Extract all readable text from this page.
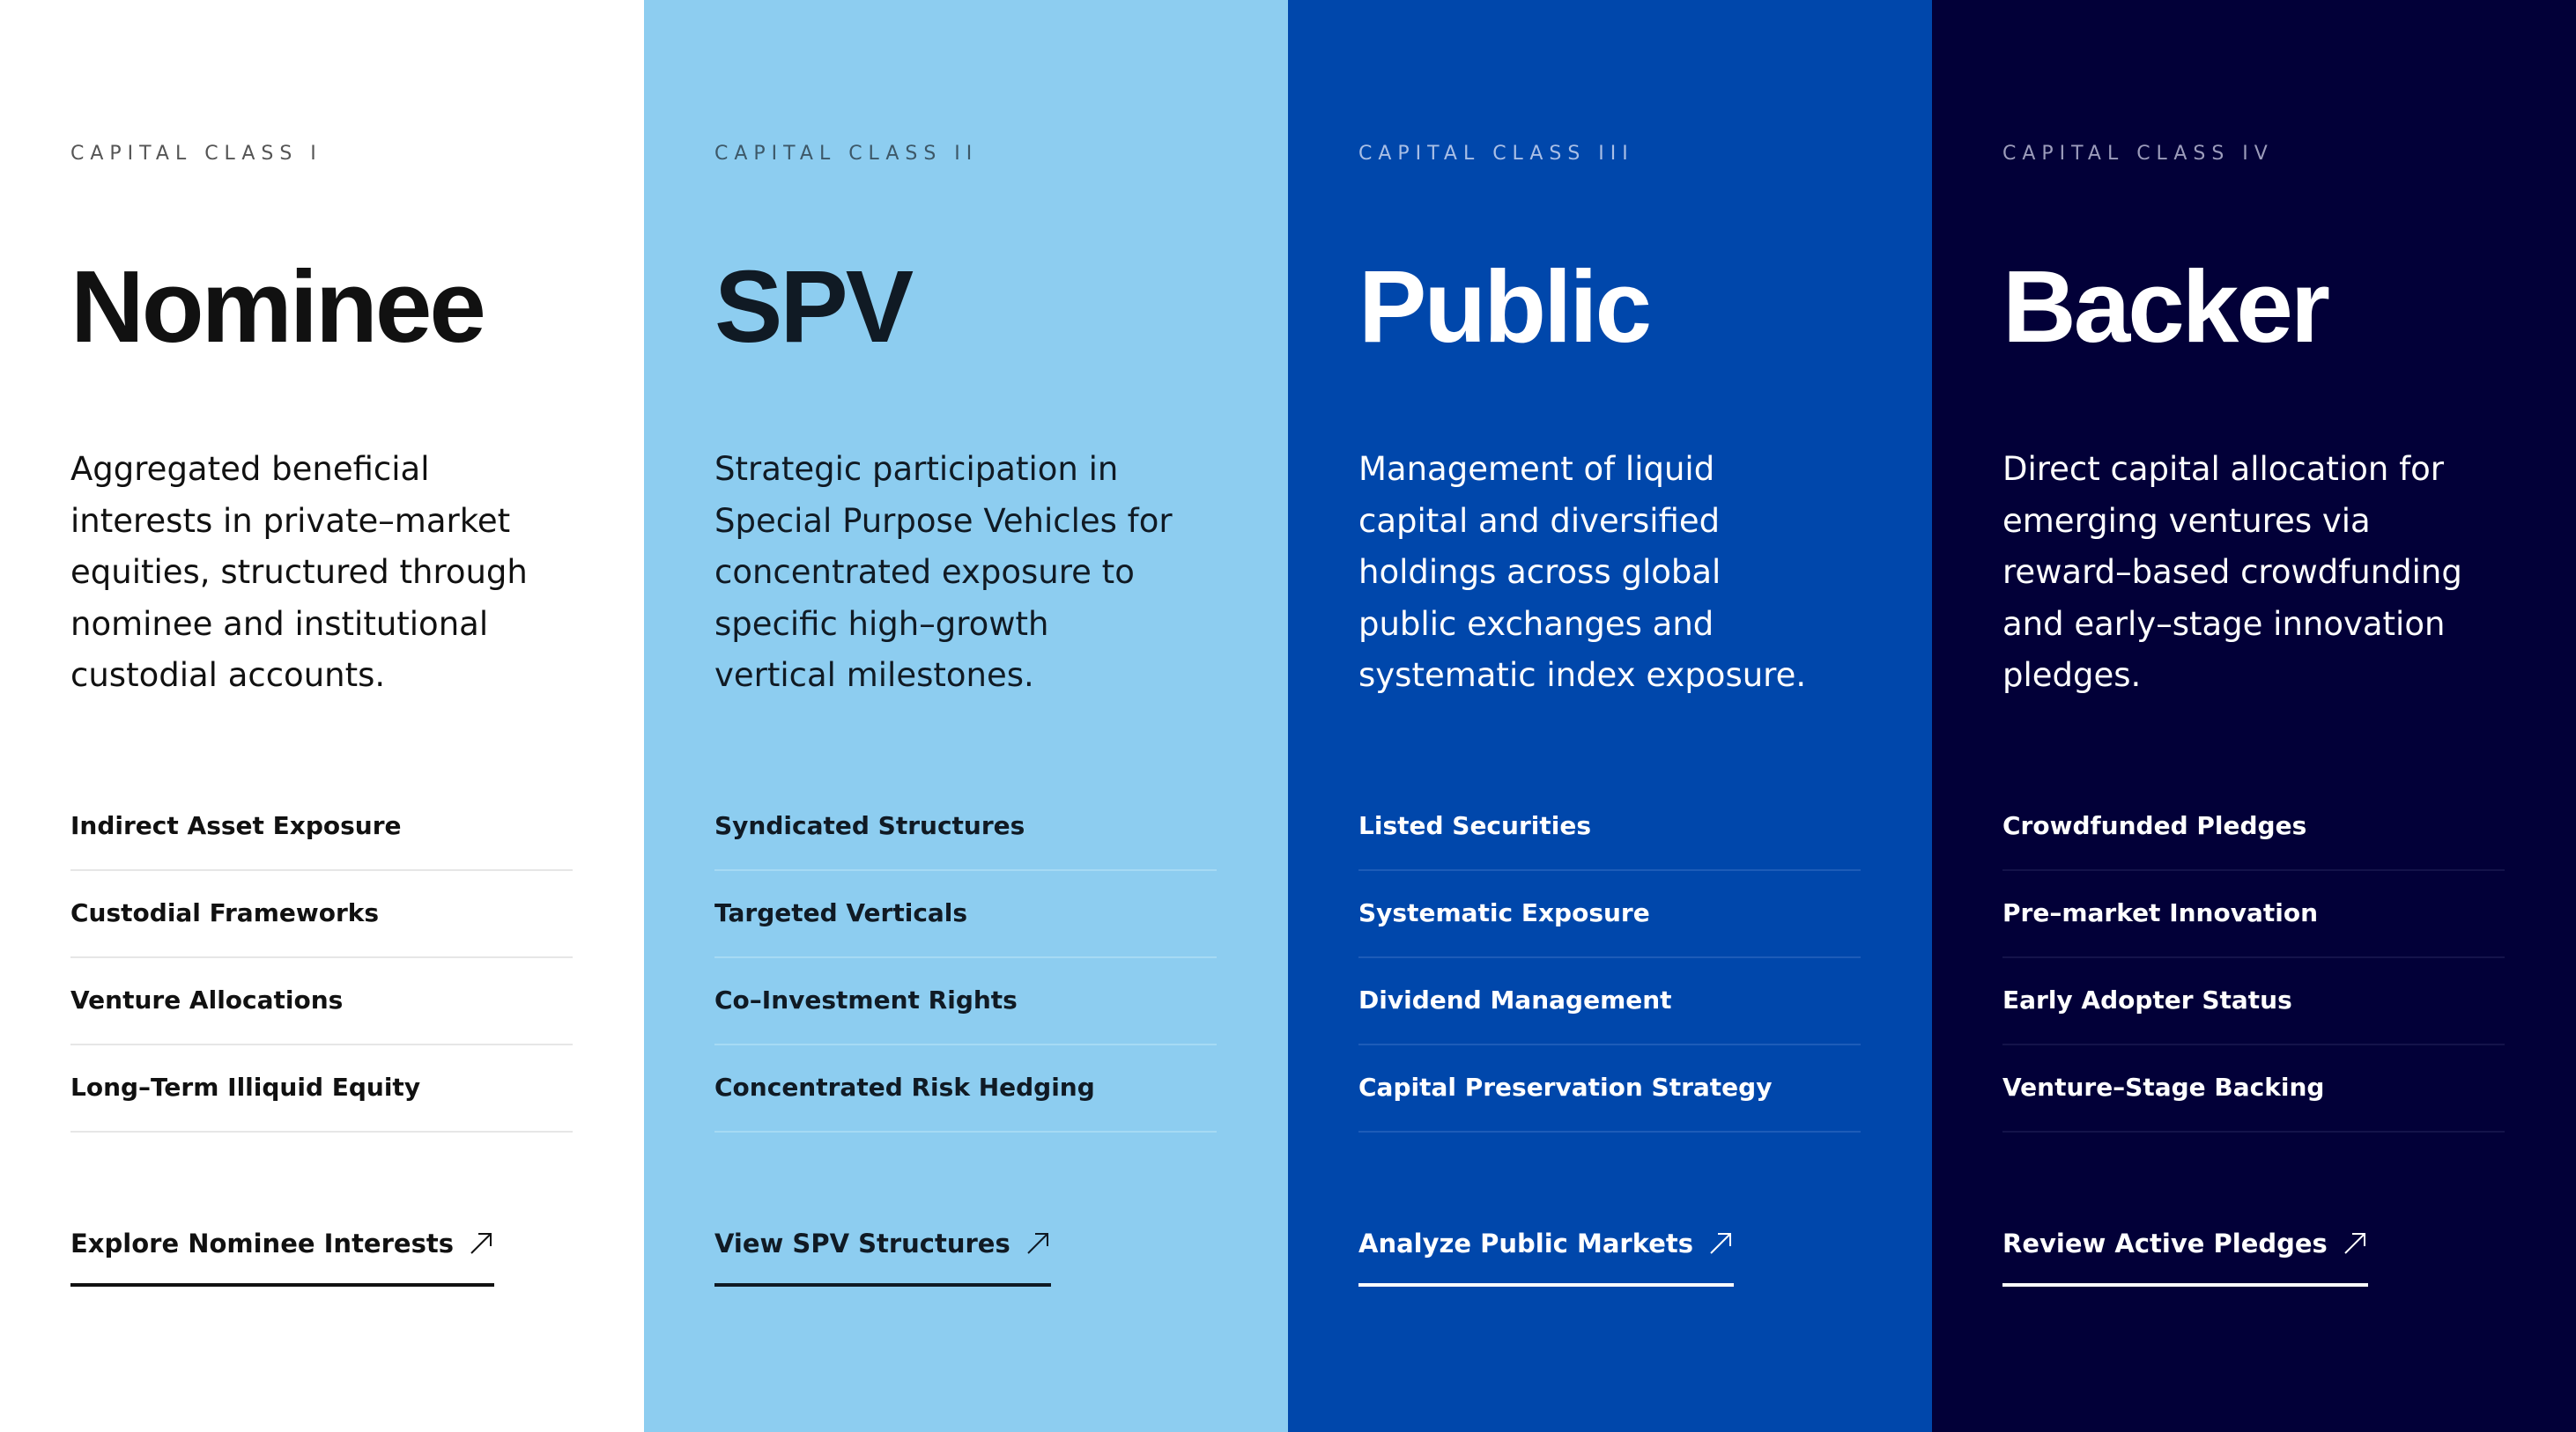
CAPITAL CLASS I
Nominee

Aggregated beneficial
interests in private–market
equities, structured through
nominee and institutional
custodial accounts.

Indirect Asset Exposure
Custodial Frameworks
Venture Allocations
Long–Term Illiquid Equity
Explore Nominee Interests
CAPITAL CLASS II
SPV

Strategic participation in
Special Purpose Vehicles for
concentrated exposure to
specific high–growth
vertical milestones.

Syndicated Structures
Targeted Verticals
Co–Investment Rights
Concentrated Risk Hedging
View SPV Structures
CAPITAL CLASS III
Public

Management of liquid
capital and diversified
holdings across global
public exchanges and
systematic index exposure.

Listed Securities
Systematic Exposure
Dividend Management
Capital Preservation Strategy
Analyze Public Markets
CAPITAL CLASS IV
Backer

Direct capital allocation for
emerging ventures via
reward–based crowdfunding
and early–stage innovation
pledges.

Crowdfunded Pledges
Pre–market Innovation
Early Adopter Status
Venture–Stage Backing
Review Active Pledges
